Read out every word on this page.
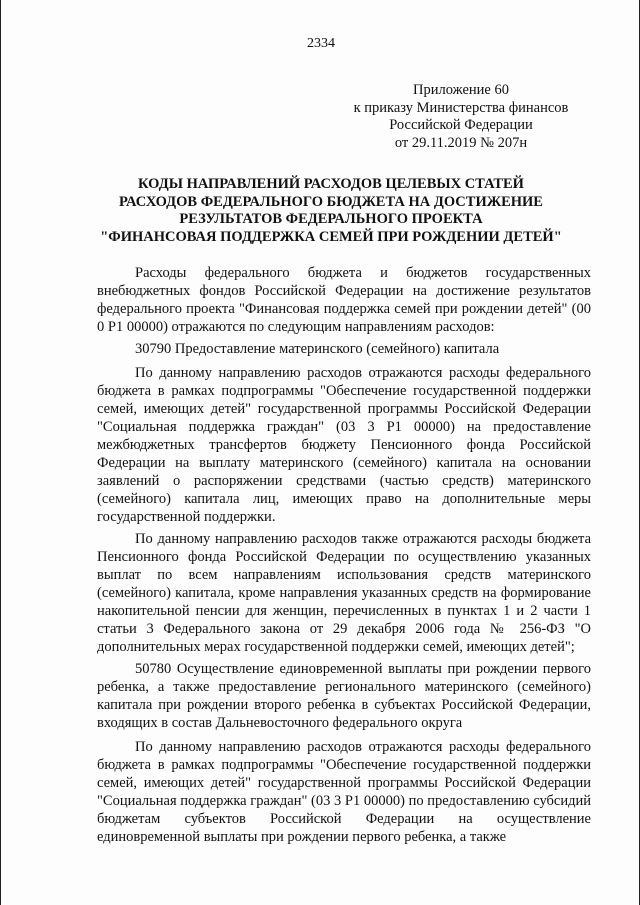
2334
Приложение 60
к приказу Министерства финансов
Российской Федерации
от 29.11.2019 № 207н
КОДЫ НАПРАВЛЕНИЙ РАСХОДОВ ЦЕЛЕВЫХ СТАТЕЙ
РАСХОДОВ ФЕДЕРАЛЬНОГО БЮДЖЕТА НА ДОСТИЖЕНИЕ
РЕЗУЛЬТАТОВ ФЕДЕРАЛЬНОГО ПРОЕКТА
"ФИНАНСОВАЯ ПОДДЕРЖКА СЕМЕЙ ПРИ РОЖДЕНИИ ДЕТЕЙ"

Расходы федерального бюджета и бюджетов государственных внебюджетных фондов Российской Федерации на достижение результатов федерального проекта "Финансовая поддержка семей при рождении детей" (00 0 P1 00000) отражаются по следующим направлениям расходов:

30790 Предоставление материнского (семейного) капитала

По данному направлению расходов отражаются расходы федерального бюджета в рамках подпрограммы "Обеспечение государственной поддержки семей, имеющих детей" государственной программы Российской Федерации "Социальная поддержка граждан" (03 3 P1 00000) на предоставление межбюджетных трансфертов бюджету Пенсионного фонда Российской Федерации на выплату материнского (семейного) капитала на основании заявлений о распоряжении средствами (частью средств) материнского (семейного) капитала лиц, имеющих право на дополнительные меры государственной поддержки.

По данному направлению расходов также отражаются расходы бюджета Пенсионного фонда Российской Федерации по осуществлению указанных выплат по всем направлениям использования средств материнского (семейного) капитала, кроме направления указанных средств на формирование накопительной пенсии для женщин, перечисленных в пунктах 1 и 2 части 1 статьи 3 Федерального закона от 29 декабря 2006 года № 256-ФЗ "О дополнительных мерах государственной поддержки семей, имеющих детей";

50780 Осуществление единовременной выплаты при рождении первого ребенка, а также предоставление регионального материнского (семейного) капитала при рождении второго ребенка в субъектах Российской Федерации, входящих в состав Дальневосточного федерального округа

По данному направлению расходов отражаются расходы федерального бюджета в рамках подпрограммы "Обеспечение государственной поддержки семей, имеющих детей" государственной программы Российской Федерации "Социальная поддержка граждан" (03 3 P1 00000) по предоставлению субсидий бюджетам субъектов Российской Федерации на осуществление единовременной выплаты при рождении первого ребенка, а также
